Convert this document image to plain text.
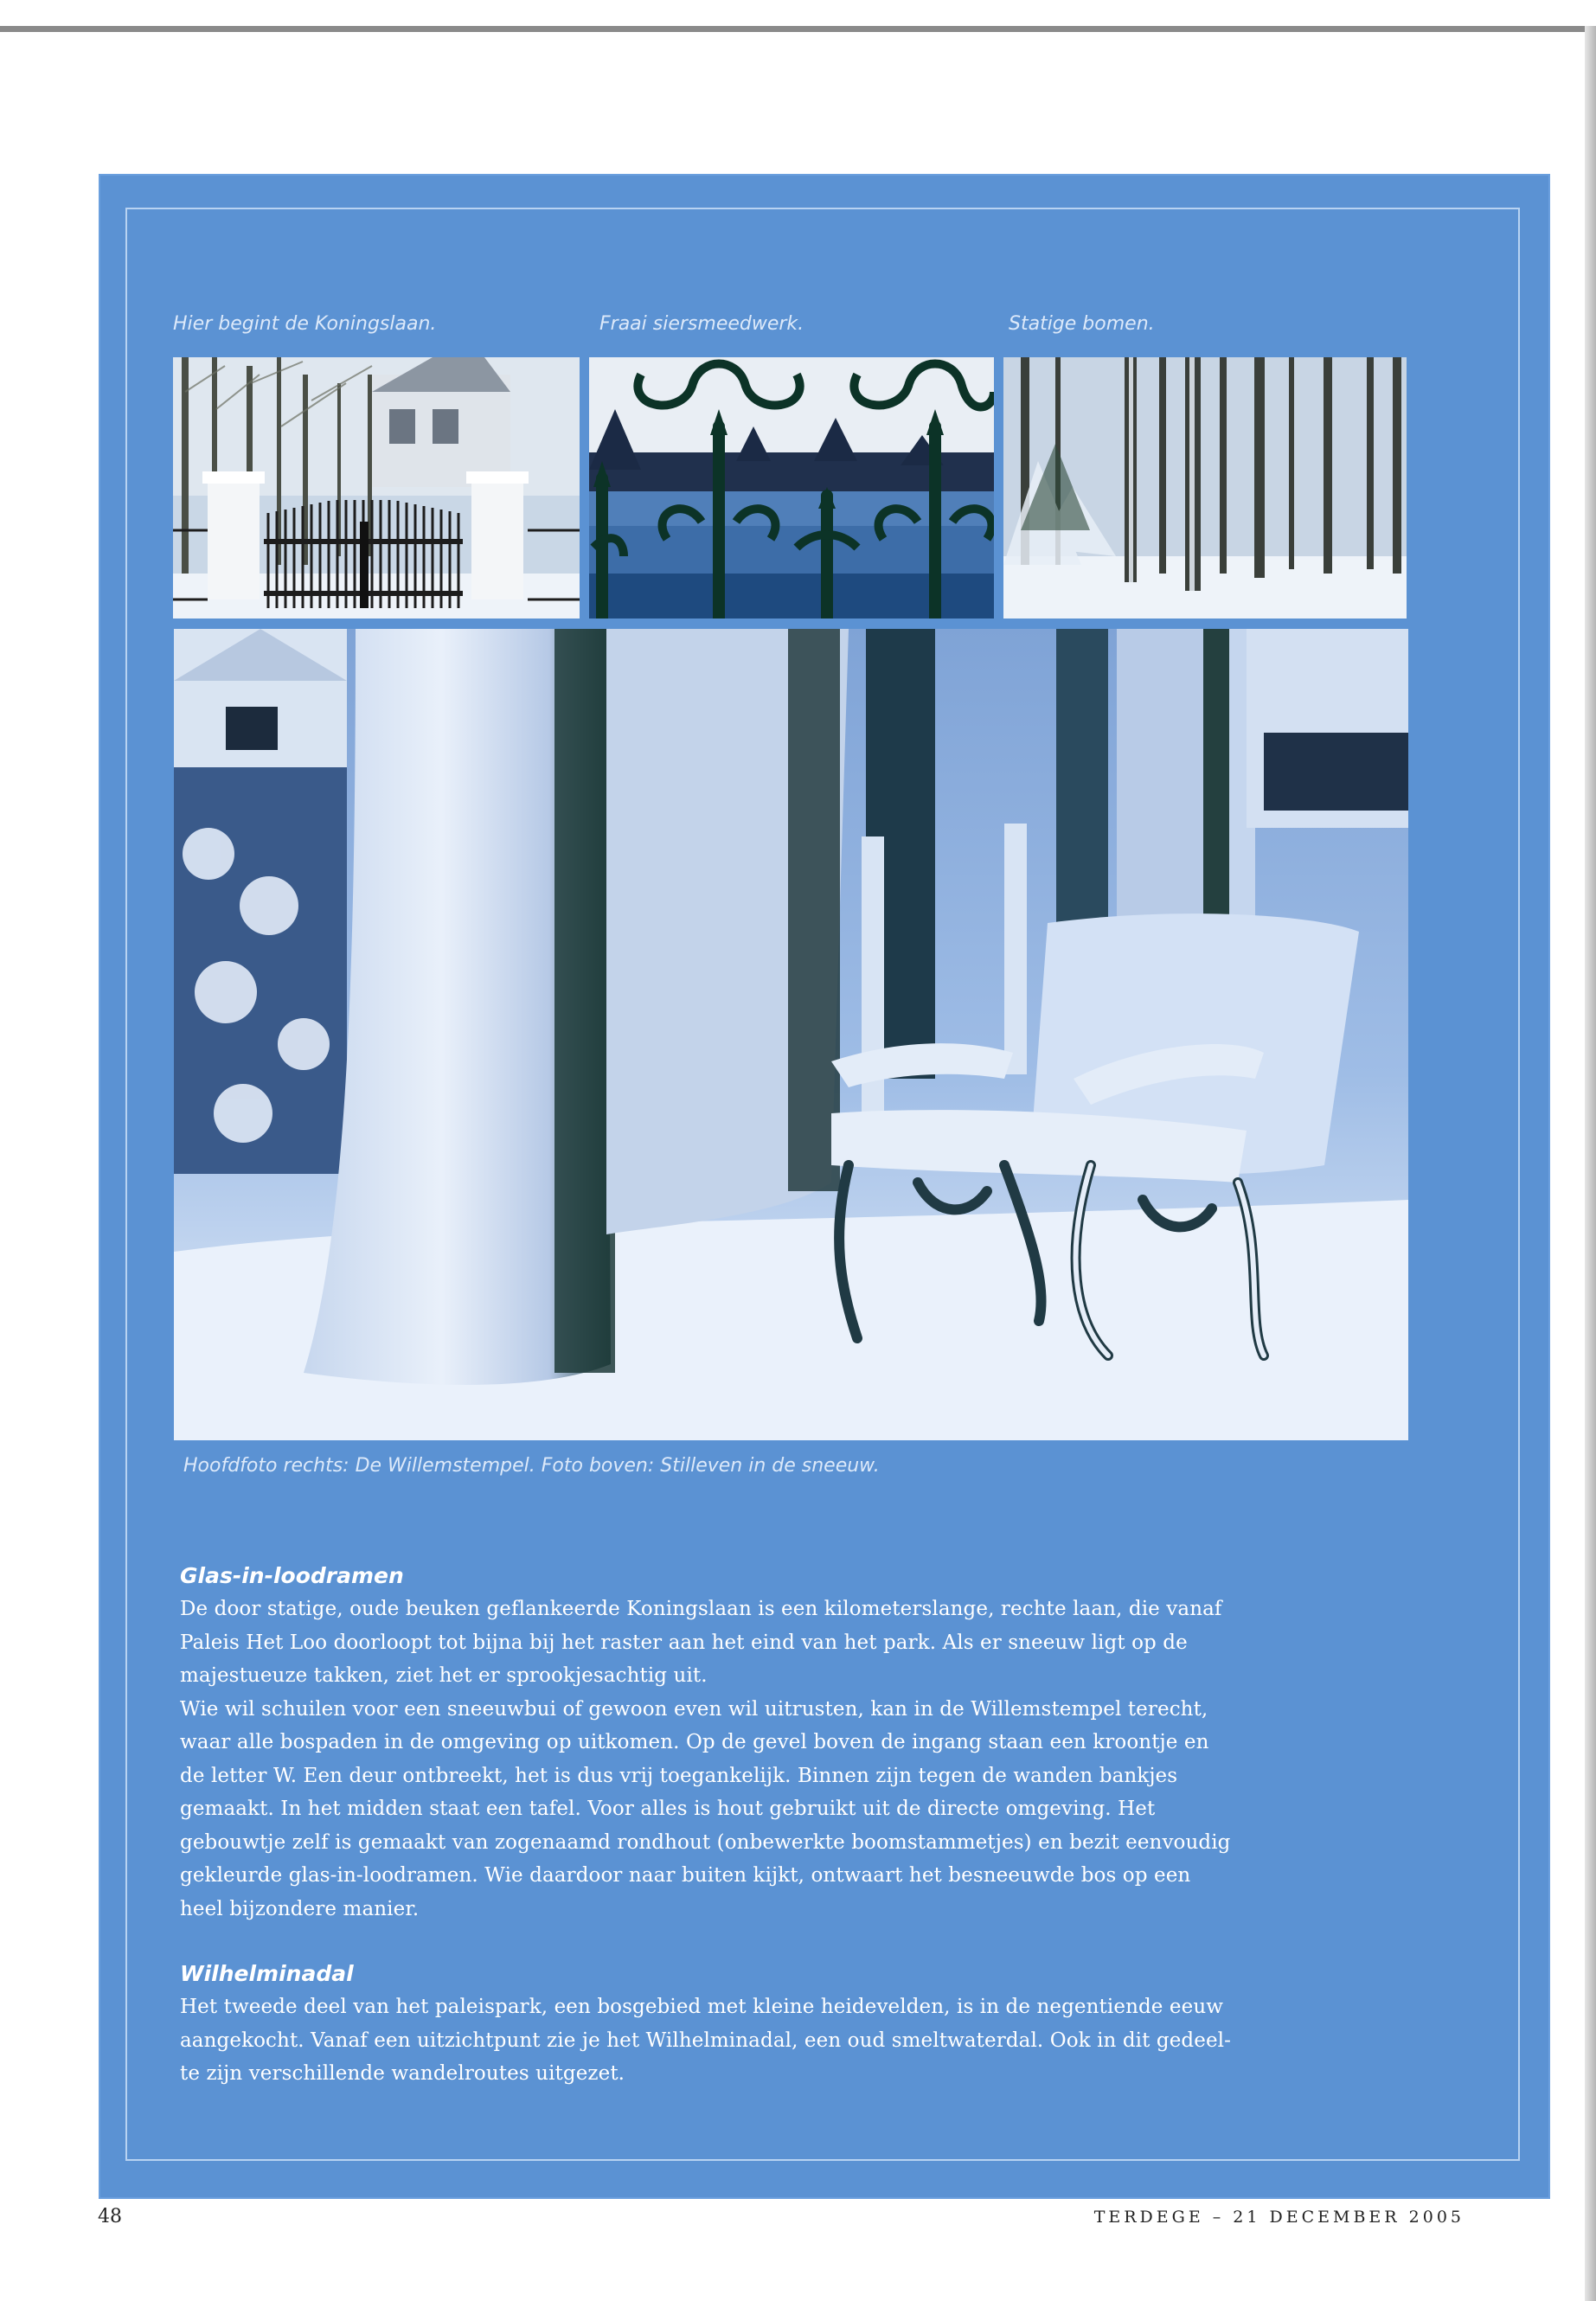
Hier begint de Koningslaan.	Fraai siersmeedwerk.	Statige bomen.
Hoofdfoto rechts: De Willemstempel. Foto boven: Stilleven in de sneeuw.
Glas-in-loodramen

De door statige, oude beuken geflankeerde Koningslaan is een kilometerslange, rechte laan, die vanaf

Paleis Het Loo doorloopt tot bijna bij het raster aan het eind van het park. Als er sneeuw ligt op de

majestueuze takken, ziet het er sprookjesachtig uit.

Wie wil schuilen voor een sneeuwbui of gewoon even wil uitrusten, kan in de Willemstempel terecht,

waar alle bospaden in de omgeving op uitkomen. Op de gevel boven de ingang staan een kroontje en

de letter W. Een deur ontbreekt, het is dus vrij toegankelijk. Binnen zijn tegen de wanden bankjes

gemaakt. In het midden staat een tafel. Voor alles is hout gebruikt uit de directe omgeving. Het

gebouwtje zelf is gemaakt van zogenaamd rondhout (onbewerkte boomstammetjes) en bezit eenvoudig

gekleurde glas-in-loodramen. Wie daardoor naar buiten kijkt, ontwaart het besneeuwde bos op een

heel bijzondere manier.

Wilhelminadal

Het tweede deel van het paleispark, een bosgebied met kleine heidevelden, is in de negentiende eeuw

aangekocht. Vanaf een uitzichtpunt zie je het Wilhelminadal, een oud smeltwaterdal. Ook in dit gedeel-

te zijn verschillende wandelroutes uitgezet.

48	TERDEGE – 21 DECEMBER 2005
